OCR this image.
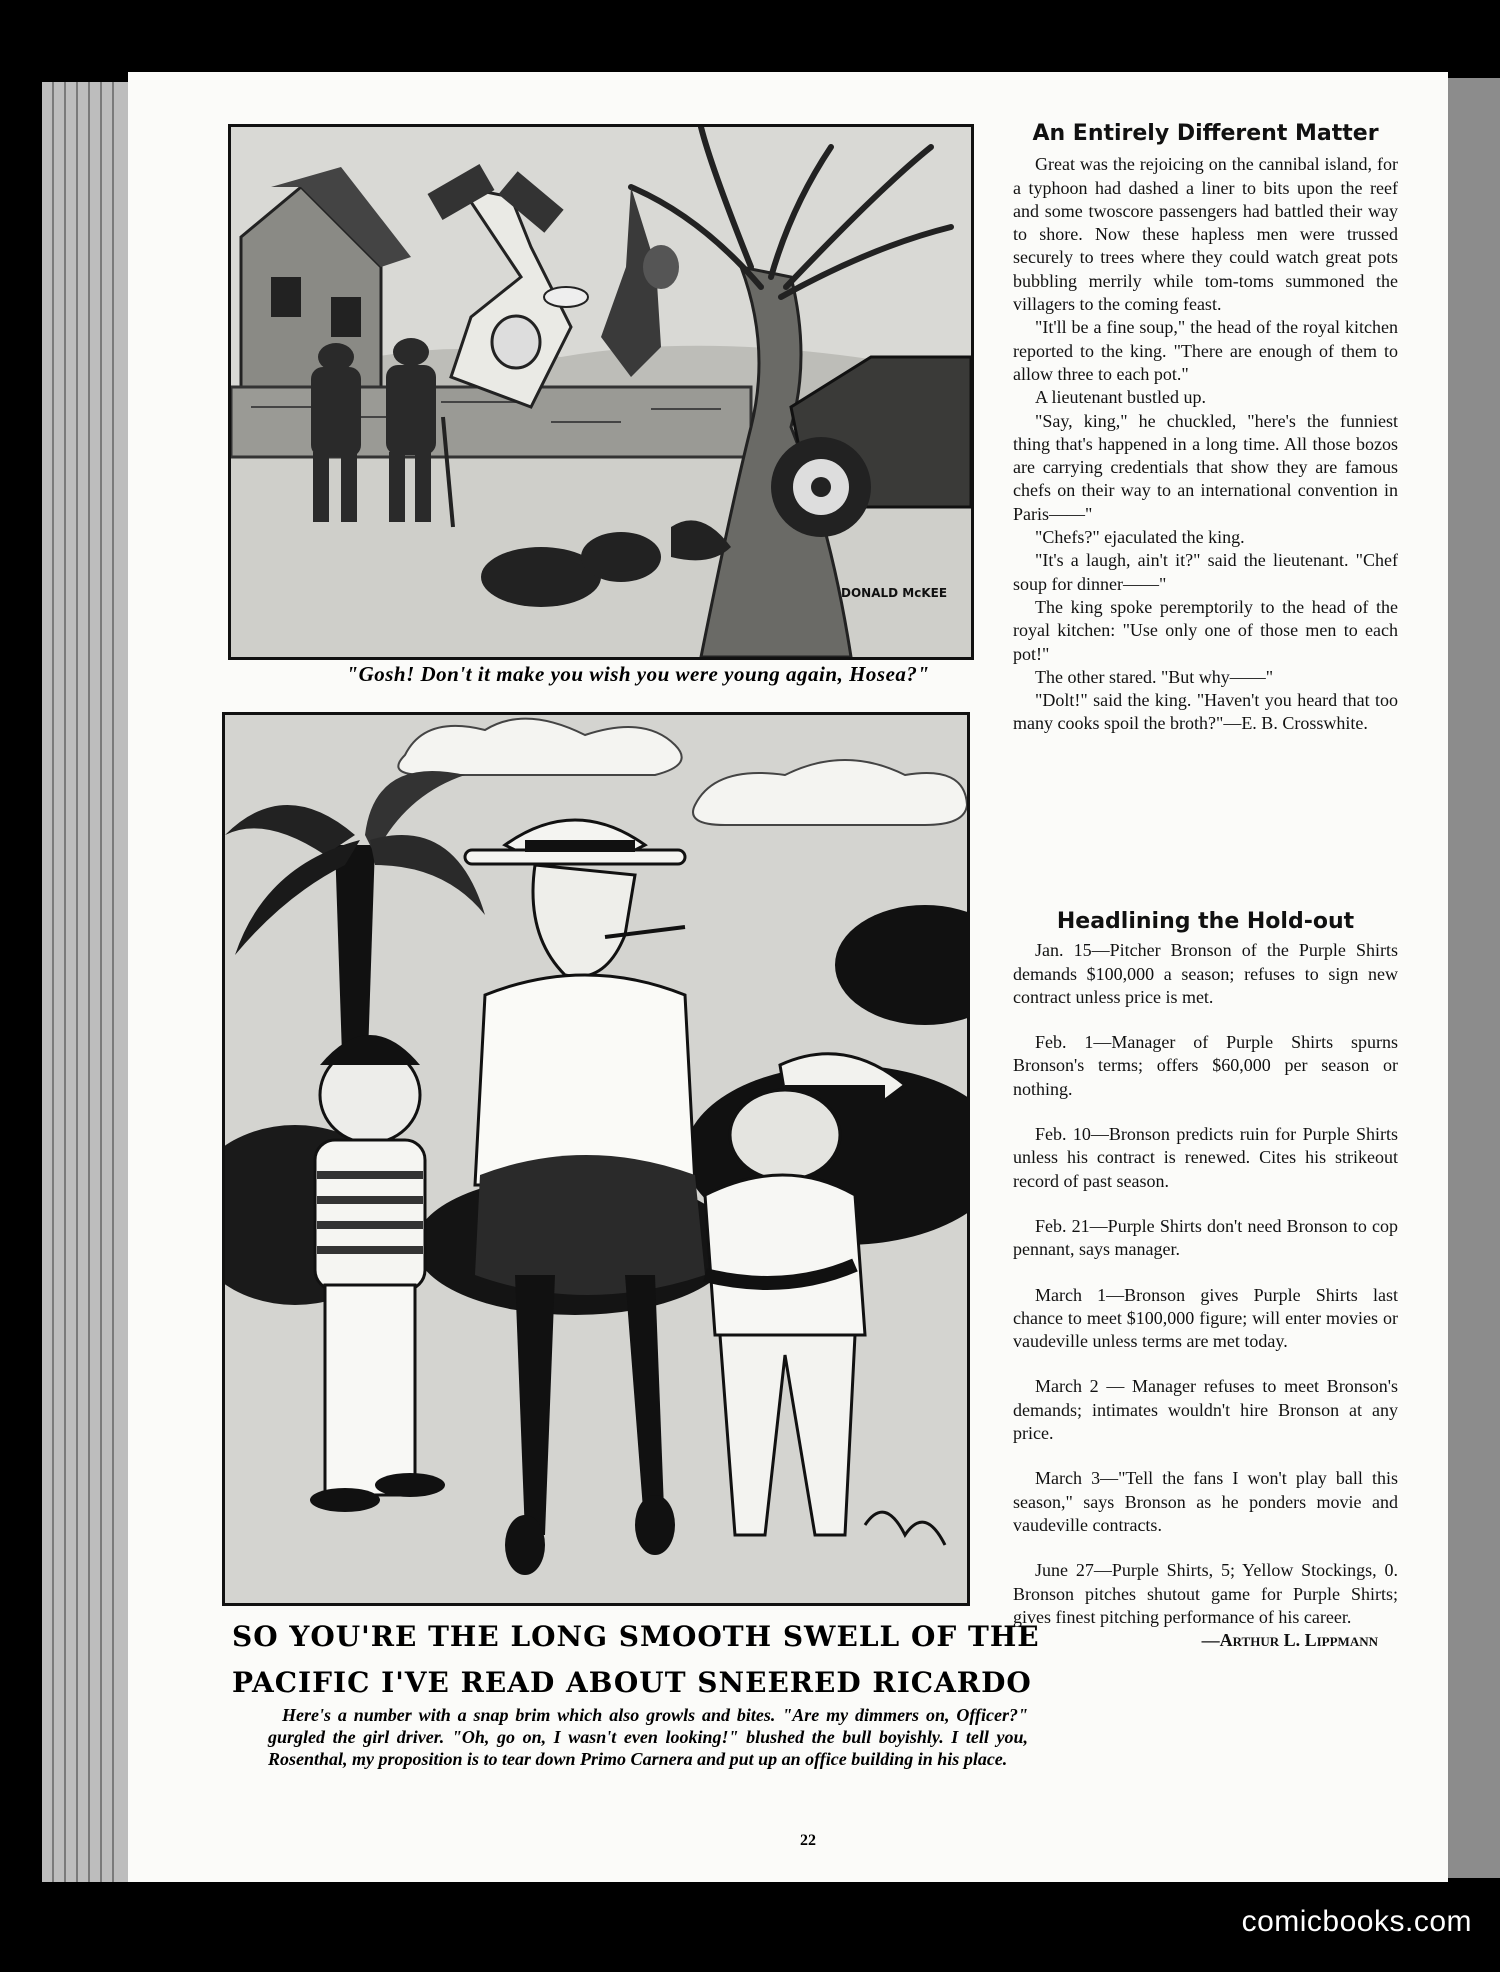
DONALD McKEE
"Gosh! Don't it make you wish you were young again, Hosea?"
SO YOU'RE THE LONG SMOOTH SWELL OF THE
PACIFIC I'VE READ ABOUT SNEERED RICARDO
Here's a number with a snap brim which also growls and bites. "Are my dimmers on, Officer?" gurgled the girl driver. "Oh, go on, I wasn't even looking!" blushed the bull boyishly. I tell you, Rosenthal, my proposition is to tear down Primo Carnera and put up an office building in his place.
22
An Entirely Different Matter

Great was the rejoicing on the cannibal island, for a typhoon had dashed a liner to bits upon the reef and some twoscore passengers had battled their way to shore. Now these hapless men were trussed securely to trees where they could watch great pots bubbling merrily while tom-toms summoned the villagers to the coming feast.

"It'll be a fine soup," the head of the royal kitchen reported to the king. "There are enough of them to allow three to each pot."

A lieutenant bustled up.

"Say, king," he chuckled, "here's the funniest thing that's happened in a long time. All those bozos are carrying credentials that show they are famous chefs on their way to an international convention in Paris——"

"Chefs?" ejaculated the king.

"It's a laugh, ain't it?" said the lieutenant. "Chef soup for dinner——"

The king spoke peremptorily to the head of the royal kitchen: "Use only one of those men to each pot!"

The other stared. "But why——"

"Dolt!" said the king. "Haven't you heard that too many cooks spoil the broth?"—E. B. Crosswhite.

Headlining the Hold-out

Jan. 15—Pitcher Bronson of the Purple Shirts demands $100,000 a season; refuses to sign new contract unless price is met.

Feb. 1—Manager of Purple Shirts spurns Bronson's terms; offers $60,000 per season or nothing.

Feb. 10—Bronson predicts ruin for Purple Shirts unless his contract is renewed. Cites his strikeout record of past season.

Feb. 21—Purple Shirts don't need Bronson to cop pennant, says manager.

March 1—Bronson gives Purple Shirts last chance to meet $100,000 figure; will enter movies or vaudeville unless terms are met today.

March 2 — Manager refuses to meet Bronson's demands; intimates wouldn't hire Bronson at any price.

March 3—"Tell the fans I won't play ball this season," says Bronson as he ponders movie and vaudeville contracts.

June 27—Purple Shirts, 5; Yellow Stockings, 0. Bronson pitches shutout game for Purple Shirts; gives finest pitching performance of his career.

—Arthur L. Lippmann

comicbooks.com
